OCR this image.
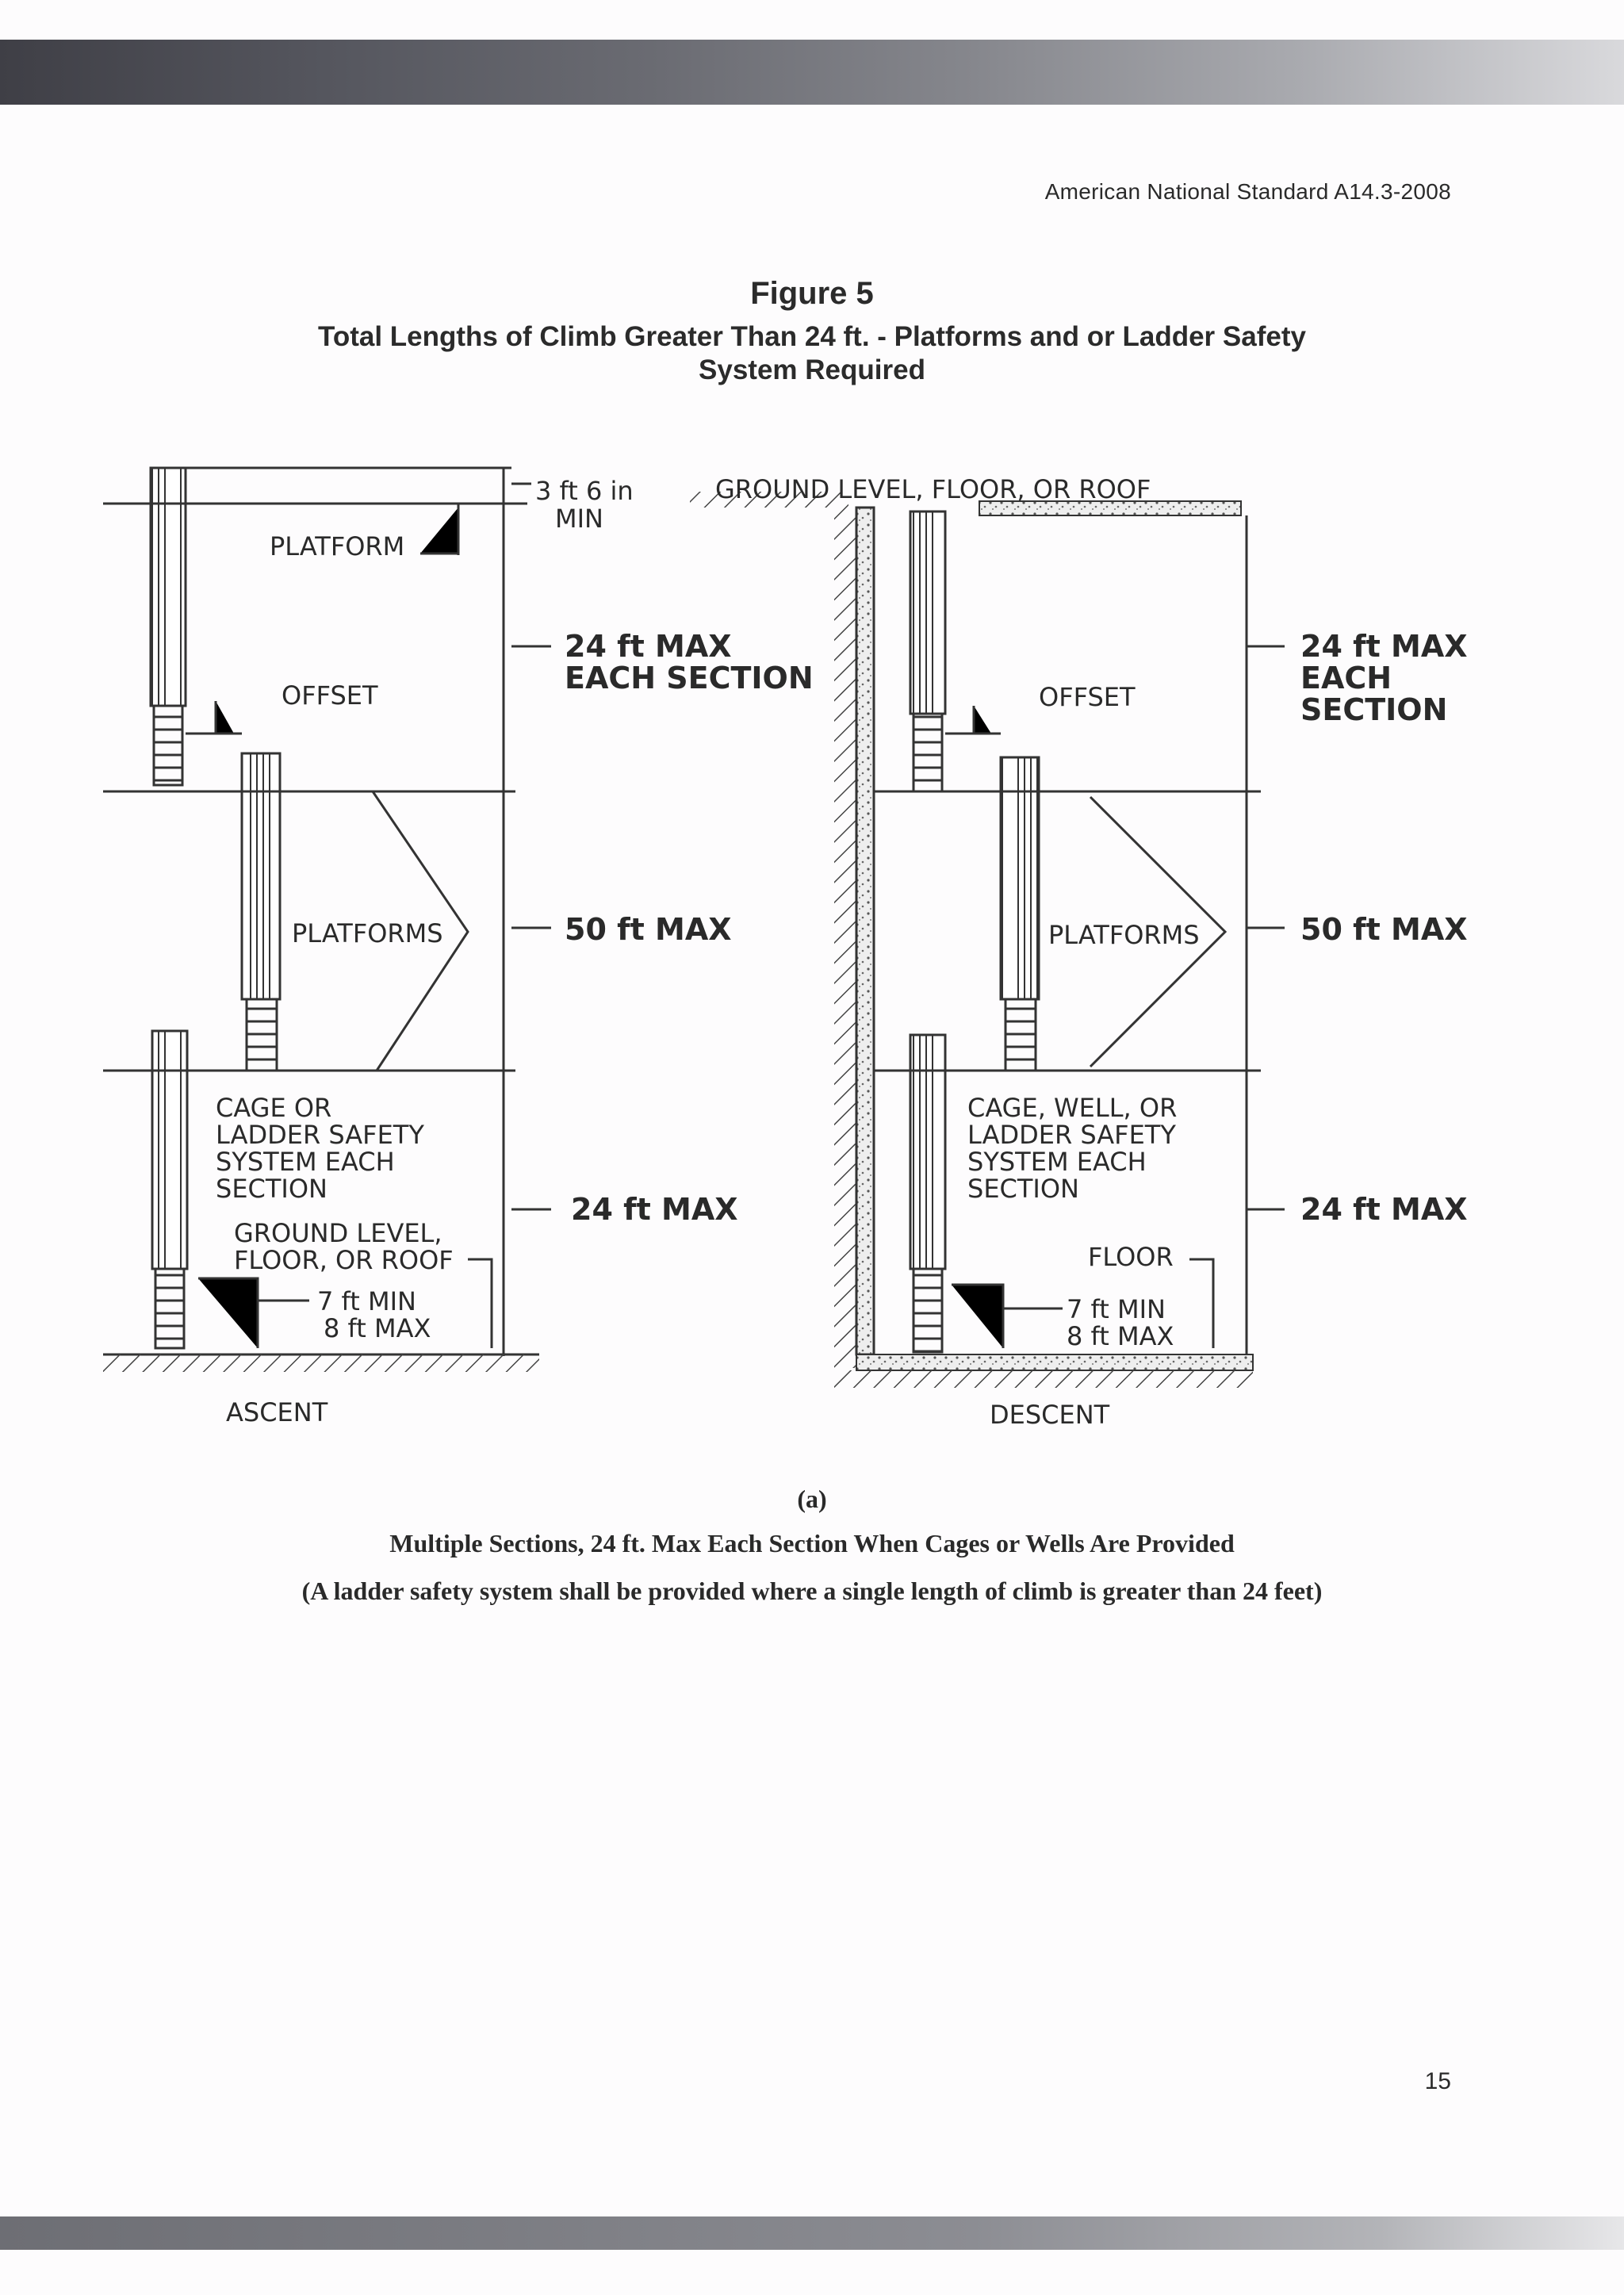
American National Standard A14.3-2008
Figure 5
Total Lengths of Climb Greater Than 24 ft. - Platforms and or Ladder Safety System Required
PLATFORM
OFFSET
PLATFORMS
CAGE OR
LADDER SAFETY
SYSTEM EACH
SECTION
GROUND LEVEL,
FLOOR, OR ROOF
7 ft MIN
8 ft MAX
ASCENT
3 ft 6 in
MIN
24 ft MAX
EACH SECTION
50 ft MAX
24 ft MAX
GROUND LEVEL, FLOOR, OR ROOF
OFFSET
PLATFORMS
CAGE, WELL, OR
LADDER SAFETY
SYSTEM EACH
SECTION
FLOOR
7 ft MIN
8 ft MAX
DESCENT
24 ft MAX
EACH
SECTION
50 ft MAX
24 ft MAX
(a)
Multiple Sections, 24 ft. Max Each Section When Cages or Wells Are Provided
(A ladder safety system shall be provided where a single length of climb is greater than 24 feet)
15
